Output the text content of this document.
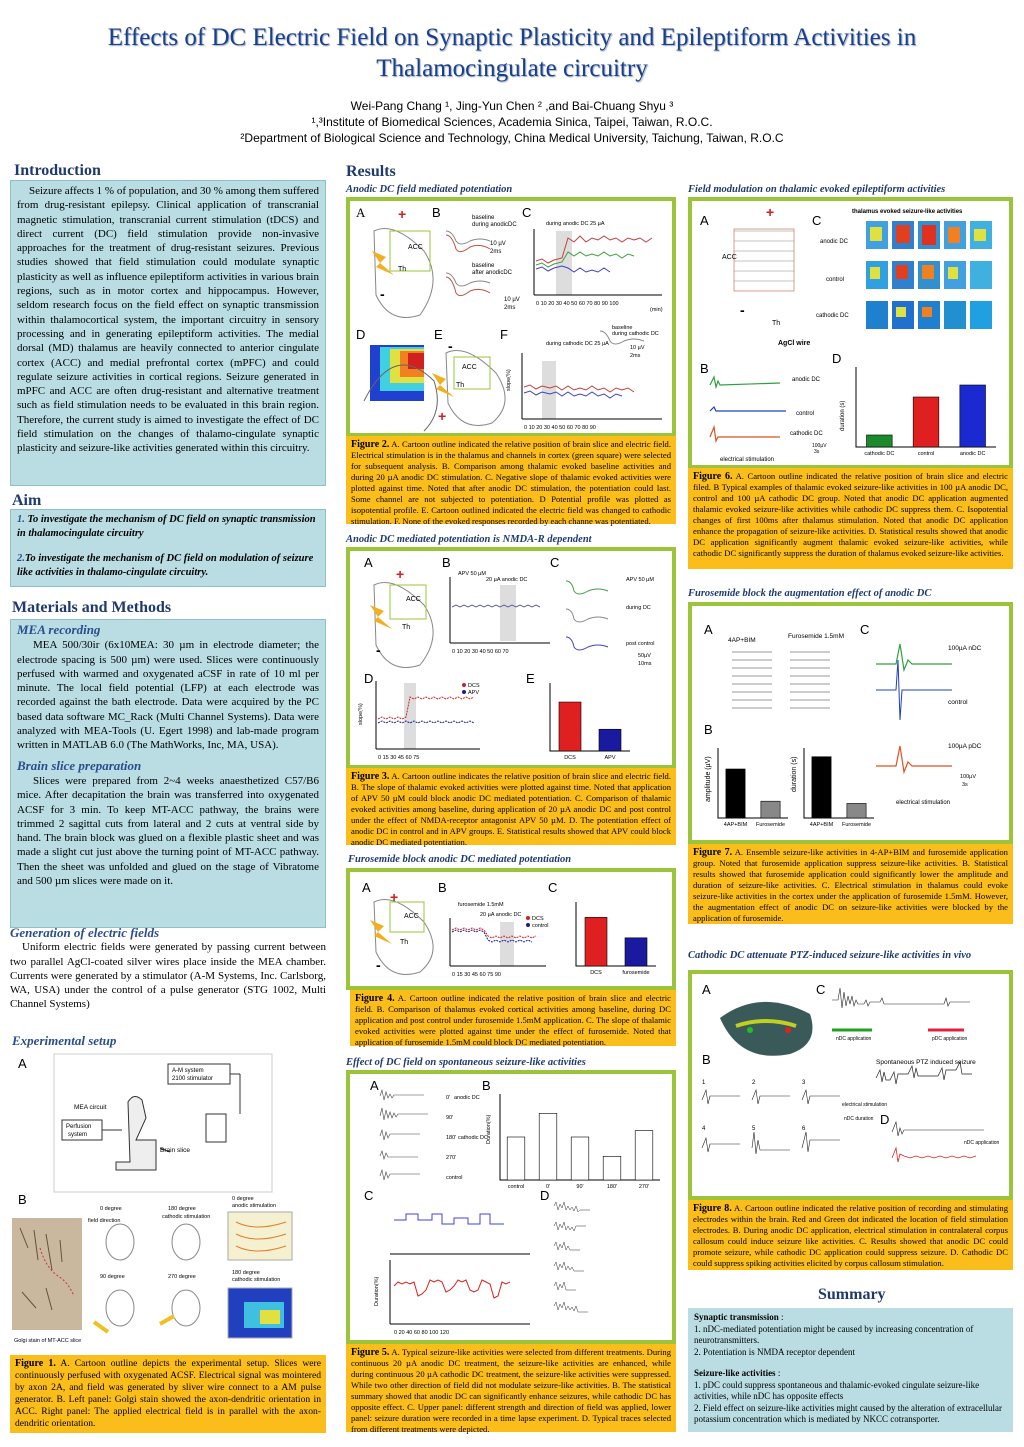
Effects of DC Electric Field on Synaptic Plasticity and Epileptiform Activities in
Thalamocingulate circuitry
Wei-Pang Chang ¹, Jing-Yun Chen ² ,and Bai-Chuang Shyu ³
¹,³Institute of Biomedical Sciences, Academia Sinica, Taipei, Taiwan, R.O.C.
²Department of Biological Science and Technology, China Medical University, Taichung, Taiwan, R.O.C
Introduction
Seizure affects 1 % of population, and 30 % among them suffered from drug-resistant epilepsy. Clinical application of transcranial magnetic stimulation, transcranial current stimulation (tDCS) and direct current (DC) field stimulation provide non-invasive approaches for the treatment of drug-resistant seizures. Previous studies showed that field stimulation could modulate synaptic plasticity as well as influence epileptiform activities in various brain regions, such as in motor cortex and hippocampus. However, seldom research focus on the field effect on synaptic transmission within thalamocortical system, the important circuitry in sensory processing and in generating epileptiform activities. The medial dorsal (MD) thalamus are heavily connected to anterior cingulate cortex (ACC) and medial prefrontal cortex (mPFC) and could regulate seizure activities in cortical regions. Seizure generated in mPFC and ACC are often drug-resistant and alternative treatment such as field stimulation needs to be evaluated in this brain region. Therefore, the current study is aimed to investigate the effect of DC field stimulation on the changes of thalamo-cingulate synaptic plasticity and seizure-like activities generated within this circuitry.
Aim
1. To investigate the mechanism of DC field on synaptic transmission in thalamocingulate circuitry
2.To investigate the mechanism of DC field on modulation of seizure like activities in thalamo-cingulate circuitry.
Materials and Methods
MEA recording
MEA 500/30ir (6x10MEA: 30 µm in electrode diameter; the electrode spacing is 500 µm) were used. Slices were continuously perfused with warmed and oxygenated aCSF in rate of 10 ml per minute. The local field potential (LFP) at each electrode was recorded against the bath electrode. Data were acquired by the PC based data software MC_Rack (Multi Channel Systems). Data were analyzed with MEA-Tools (U. Egert 1998) and lab-made program written in MATLAB 6.0 (The MathWorks, Inc, MA, USA).
Brain slice preparation
Slices were prepared from 2~4 weeks anaesthetized C57/B6 mice. After decapitation the brain was transferred into oxygenated ACSF for 3 min. To keep MT-ACC pathway, the brains were trimmed 2 sagittal cuts from lateral and 2 cuts at ventral side by hand. The brain block was glued on a flexible plastic sheet and was made a slight cut just above the turning point of MT-ACC pathway. Then the sheet was unfolded and glued on the stage of Vibratome and 500 µm slices were made on it.
Generation of electric fields
Uniform electric fields were generated by passing current between two parallel AgCl-coated silver wires place inside the MEA chamber. Currents were generated by a stimulator (A-M Systems, Inc. Carlsborg, WA, USA) under the control of a pulse generator (STG 1002, Multi Channel Systems)
Experimental setup
A	A-M system
2100 stimulator
MEA circuit
Perfusion
system
Brain slice
B
Golgi stain of MT-ACC slice
0 degree
field direction
180 degree
cathodic stimulation
0 degree
anodic stimulation
90 degree	270 degree
180 degree
cathodic stimulation
Figure 1. A. Cartoon outline depicts the experimental setup. Slices were continuously perfused with oxygenated ACSF. Electrical signal was mointered by axon 2A, and field was generated by sliver wire connect to a AM pulse generator. B. Left panel: Golgi stain showed the axon-dendritic orientation in ACC. Right panel: The applied electrical field is in parallel with the axon-dendritic orientation.
Results
Anodic DC field mediated potentiation
A	B	C
+
ACC
Th
-
baseline
during anodicDC
10 µV
2ms
baseline
after anodicDC
10 µV
2ms
during anodic DC 25 µA
0 10 20 30 40 50 60 70 80 90 100
(min)
D	E	F
-
ACC
Th
+
baseline
during cathodic DC
10 µV
2ms
during cathodic DC 25 µA
0 10 20 30 40 50 60 70 80 90
slope(%)
Figure 2. A. Cartoon outline indicated the relative position of brain slice and electric field. Electrical stimulation is in the thalamus and channels in cortex (green square) were selected for subsequent analysis. B. Comparison among thalamic evoked baseline activities and during 20 µA anodic DC stimulation. C. Negative slope of thalamic evoked activities were plotted against time. Noted that after anodic DC stimulation, the potentiation could last. Some channel are not subjected to potentiation. D Potential profile was plotted as isopotential profile. E. Cartoon outlined indicated the electric field was changed to cathodic stimulation. F. None of the evoked responses recorded by each channe was potentiated.
Anodic DC mediated potentiation is NMDA-R dependent
A	B	C
+
ACC
Th
-
APV 50 µM
20 µA anodic DC
0 10 20 30 40 50 60 70
APV 50 µM
during DC
post control
50µV
10ms
D	E
DCS
APV
0 15 30 45 60 75
slope(%)
DCS	APV
Figure 3. A. Cartoon outline indicates the relative position of brain slice and electric field. B. The slope of thalamic evoked activities were plotted against time. Noted that application of APV 50 µM could block anodic DC mediated potentiation. C. Comparison of thalamic evoked activities among baseline, during application of 20 µA anodic DC and post control under the effect of NMDA-receptor antagonist APV 50 µM. D. The potentiation effect of anodic DC in control and in APV groups. E. Statistical results showed that APV could block anodic DC mediated potentiation.
Furosemide block anodic DC mediated potentiation
A	B	C
ACC
Th
+
-
furosemide 1.5mM
20 µA anodic DC
DCS
control
0 15 30 45 60 75 90	DCS	furosemide
Figure 4. A. Cartoon outline indicated the relative position of brain slice and electric field. B. Comparison of thalamus evoked cortical activities among baseline, during DC application and post control under furosemide 1.5mM application. C. The slope of thalamic evoked activities were plotted against time under the effect of furosemide. Noted that application of furosemide 1.5mM could block DC mediated potentiation.
Effect of DC field on spontaneous seizure-like activities
A	B
0' anodic DC
90'
180' cathodic DC
270'
control
control	0'	90'	180'	270'
Duration(%)
C	D
0 20 40 60 80 100 120
Duration(%)
Figure 5. A. Typical seizure-like activities were selected from different treatments. During continuous 20 µA anodic DC treatment, the seizure-like activities are enhanced, while during continuous 20 µA cathodic DC treatment, the seizure-like activities were suppressed. While two other direction of field did not modulate seizure-like activities. B. The statistical summary showed that anodic DC can significantly enhance seizures, while cathodic DC has opposite effect. C. Upper panel: different strength and direction of field was applied, lower panel: seizure duration were recorded in a time lapse experiment. D. Typical traces selected from different treatments were depicted.
Field modulation on thalamic evoked epileptiform activities
A	C
+
ACC
Th
-
AgCl wire
thalamus evoked seizure-like activities
anodic DC
control
cathodic DC
B
D
anodic DC
control
cathodic DC
100µV
3s
electrical stimulation
cathodic DC	control	anodic DC
duration (s)
Figure 6. A. Cartoon outline indicated the relative position of brain slice and electric filed. B Typical examples of thalamic evoked seizure-like activities in 100 µA anodic DC, control and 100 µA cathodic DC group. Noted that anodic DC application augmented thalamic evoked seizure-like activities while cathodic DC suppress them. C. Isopotential changes of first 100ms after thalamus stimulation. Noted that anodic DC application enhance the propagation of seizure-like activities. D. Statistical results showed that anodic DC application significantly augment thalamic evoked seizure-like activities, while cathodic DC significantly suppress the duration of thalamus evoked seizure-like activities.
Furosemide block the augmentation effect of anodic DC
A	C
4AP+BIM
Furosemide 1.5mM
B
100µA nDC
control
100µA pDC
100µV
3s
electrical stimulation
4AP+BIM Furosemide	4AP+BIM Furosemide
amplitude (µV)	duration (s)
Figure 7. A. Ensemble seizure-like activities in 4-AP+BIM and furosemide application group. Noted that furosemide application suppress seizure-like activities. B. Statistical results showed that furosemide application could significantly lower the amplitude and duration of seizure-like activities. C. Electrical stimulation in thalamus could evoke seizure-like activities in the cortex under the application of furosemide 1.5mM. However, the augmentation effect of anodic DC on seizure-like activities were blocked by the application of furosemide.
Cathodic DC attenuate PTZ-induced seizure-like activities in vivo
A	C
nDC application	pDC application
B	Spontaneous PTZ induced seizure
1	2	3
electrical stimulation
nDC duration D
4	5	6
nDC application
Figure 8. A. Cartoon outline indicated the relative position of recording and stimulating electrodes within the brain. Red and Green dot indicated the location of field stimulation electrodes. B. During anodic DC application, electrical stimulation in contralateral corpus callosum could induce seizure like activities. C. Results showed that anodic DC could promote seizure, while cathodic DC application could suppress seizure. D. Cathodic DC could suppress spiking activities elicited by corpus callosum stimulation.
Summary
Synaptic transmission :
1. nDC-mediated potentiation might be caused by increasing concentration of neurotransmitters.
2. Potentiation is NMDA receptor dependent
Seizure-like activities :
1. pDC could suppress spontaneous and thalamic-evoked cingulate seizure-like activities, while nDC has opposite effects
2. Field effect on seizure-like activities might caused by the alteration of extracellular potassium concentration which is mediated by NKCC cotransporter.
